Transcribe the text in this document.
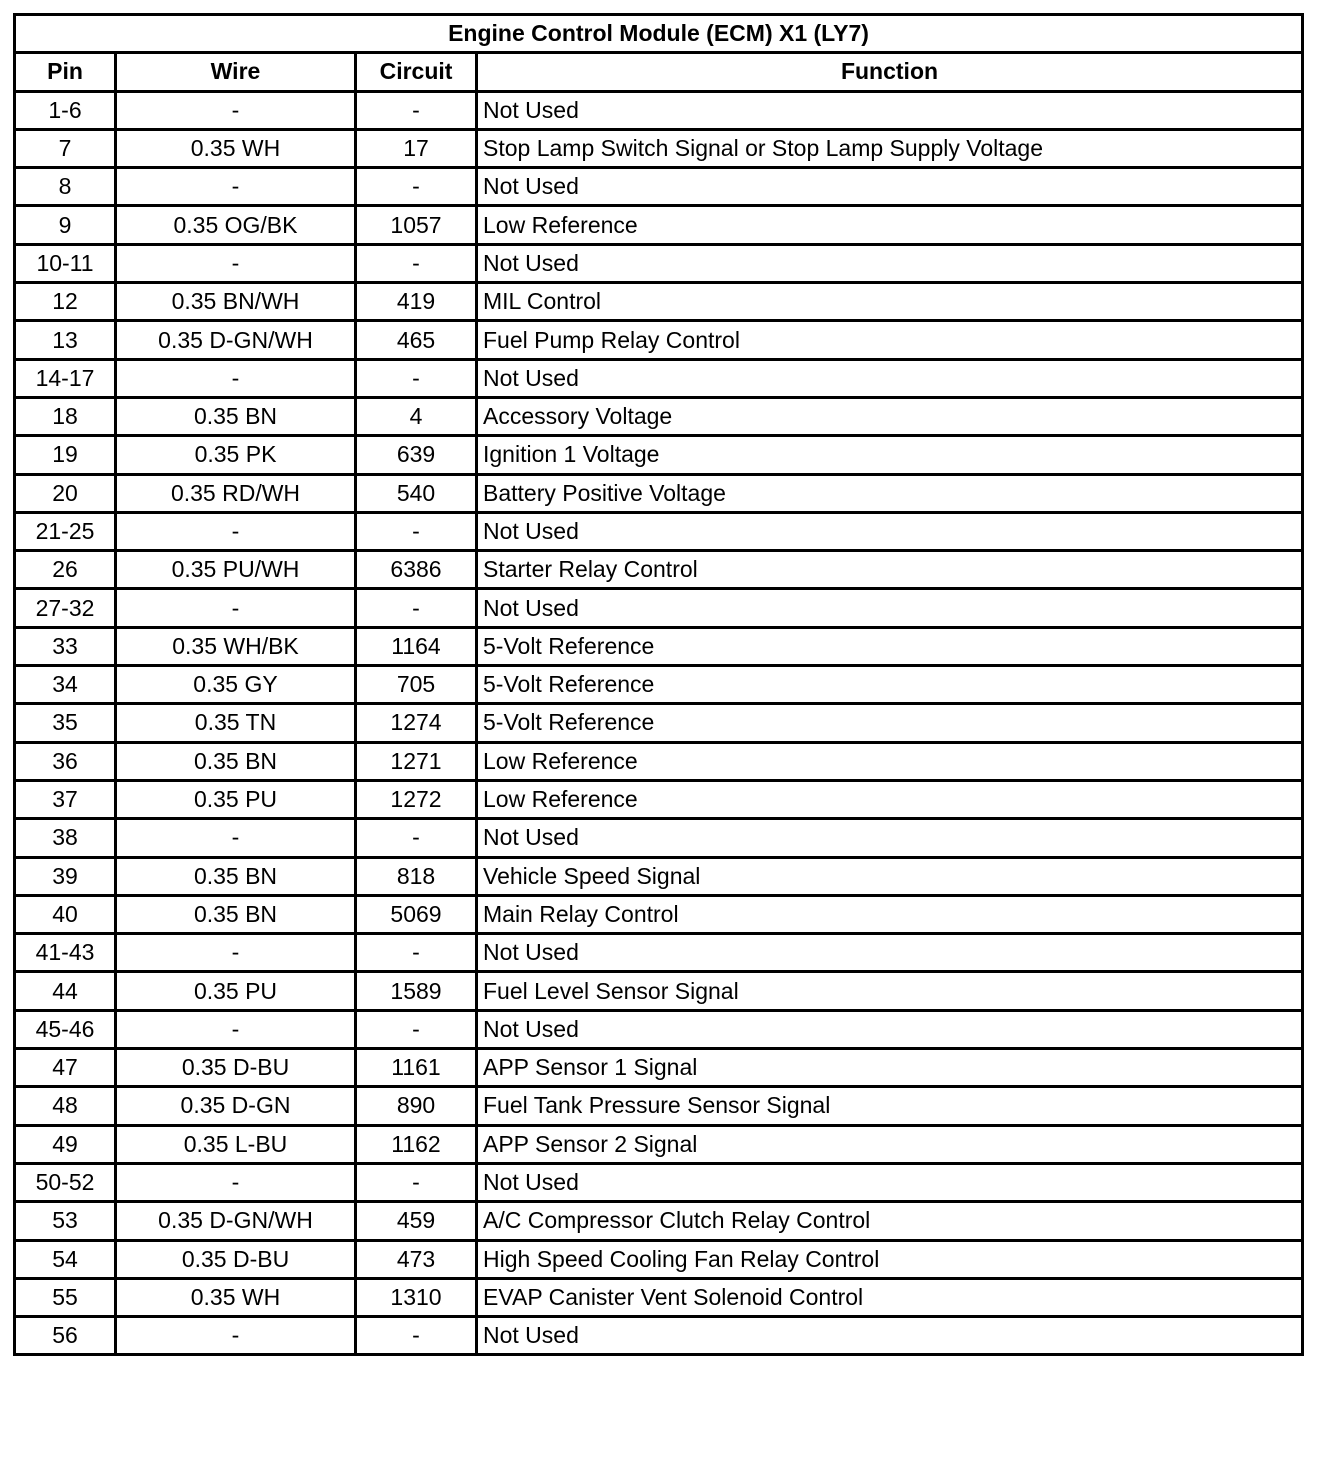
Engine Control Module (ECM) X1 (LY7)			
Pin	Wire	Circuit	Function
1-6	-	-	Not Used
7	0.35 WH	17	Stop Lamp Switch Signal or Stop Lamp Supply Voltage
8	-	-	Not Used
9	0.35 OG/BK	1057	Low Reference
10-11	-	-	Not Used
12	0.35 BN/WH	419	MIL Control
13	0.35 D-GN/WH	465	Fuel Pump Relay Control
14-17	-	-	Not Used
18	0.35 BN	4	Accessory Voltage
19	0.35 PK	639	Ignition 1 Voltage
20	0.35 RD/WH	540	Battery Positive Voltage
21-25	-	-	Not Used
26	0.35 PU/WH	6386	Starter Relay Control
27-32	-	-	Not Used
33	0.35 WH/BK	1164	5-Volt Reference
34	0.35 GY	705	5-Volt Reference
35	0.35 TN	1274	5-Volt Reference
36	0.35 BN	1271	Low Reference
37	0.35 PU	1272	Low Reference
38	-	-	Not Used
39	0.35 BN	818	Vehicle Speed Signal
40	0.35 BN	5069	Main Relay Control
41-43	-	-	Not Used
44	0.35 PU	1589	Fuel Level Sensor Signal
45-46	-	-	Not Used
47	0.35 D-BU	1161	APP Sensor 1 Signal
48	0.35 D-GN	890	Fuel Tank Pressure Sensor Signal
49	0.35 L-BU	1162	APP Sensor 2 Signal
50-52	-	-	Not Used
53	0.35 D-GN/WH	459	A/C Compressor Clutch Relay Control
54	0.35 D-BU	473	High Speed Cooling Fan Relay Control
55	0.35 WH	1310	EVAP Canister Vent Solenoid Control
56	-	-	Not Used
